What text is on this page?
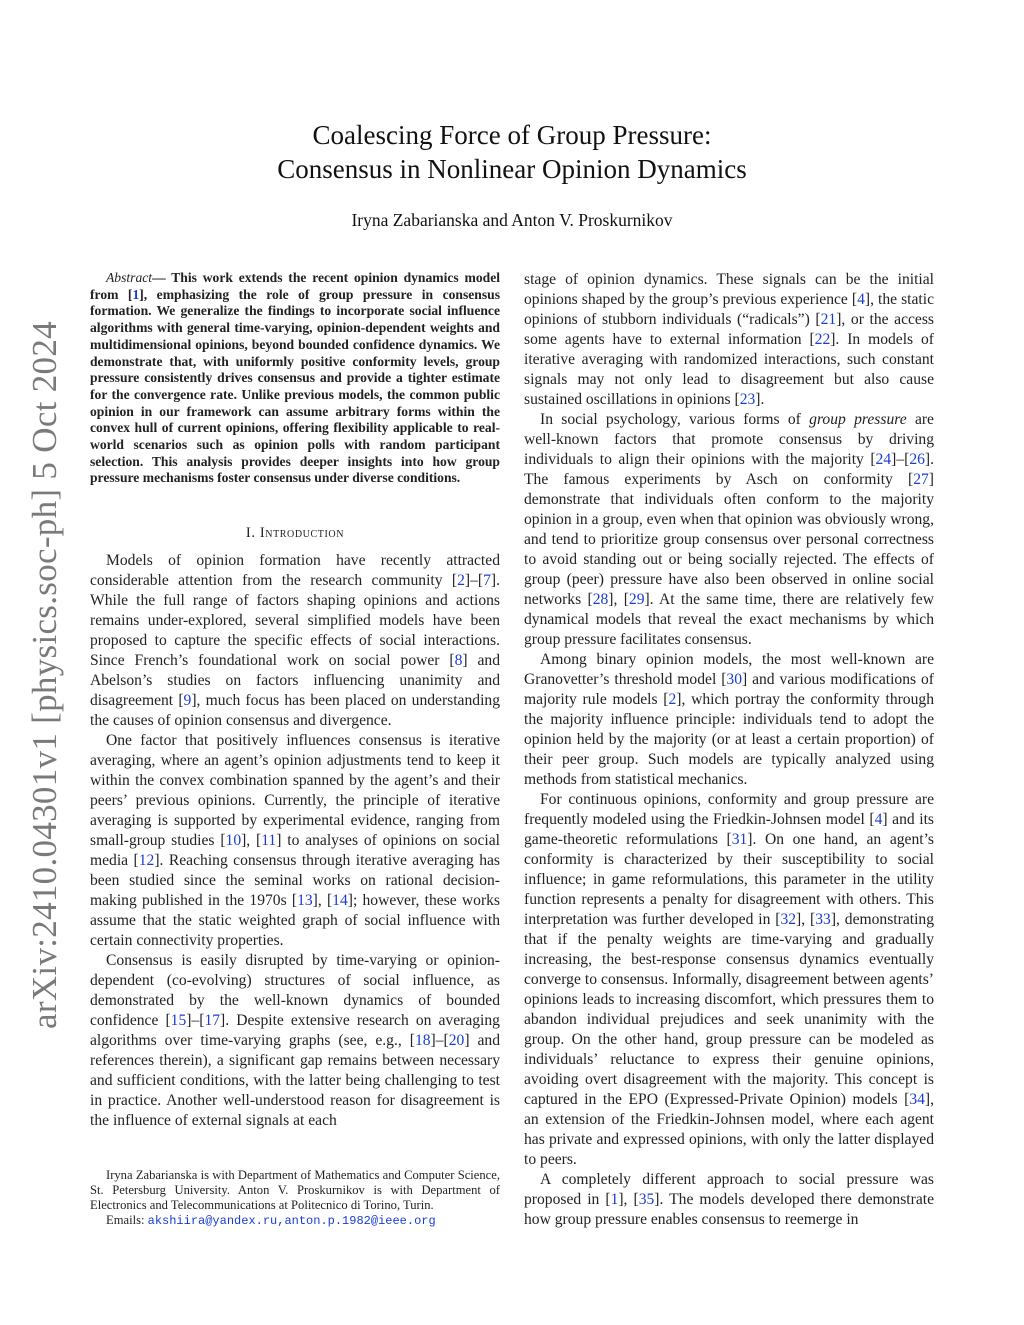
arXiv:2410.04301v1 [physics.soc-ph] 5 Oct 2024
Coalescing Force of Group Pressure:
Consensus in Nonlinear Opinion Dynamics
Iryna Zabarianska and Anton V. Proskurnikov

Abstract— This work extends the recent opinion dynamics model from [1], emphasizing the role of group pressure in consensus formation. We generalize the findings to incorporate social influence algorithms with general time-varying, opinion-dependent weights and multidimensional opinions, beyond bounded confidence dynamics. We demonstrate that, with uniformly positive conformity levels, group pressure consistently drives consensus and provide a tighter estimate for the convergence rate. Unlike previous models, the common public opinion in our framework can assume arbitrary forms within the convex hull of current opinions, offering flexibility applicable to real-world scenarios such as opinion polls with random participant selection. This analysis provides deeper insights into how group pressure mechanisms foster consensus under diverse conditions.

I. Introduction

Models of opinion formation have recently attracted considerable attention from the research community [2]–[7]. While the full range of factors shaping opinions and actions remains under-explored, several simplified models have been proposed to capture the specific effects of social interactions. Since French’s foundational work on social power [8] and Abelson’s studies on factors influencing unanimity and disagreement [9], much focus has been placed on understanding the causes of opinion consensus and divergence.

One factor that positively influences consensus is iterative averaging, where an agent’s opinion adjustments tend to keep it within the convex combination spanned by the agent’s and their peers’ previous opinions. Currently, the principle of iterative averaging is supported by experimental evidence, ranging from small-group studies [10], [11] to analyses of opinions on social media [12]. Reaching consensus through iterative averaging has been studied since the seminal works on rational decision-making published in the 1970s [13], [14]; however, these works assume that the static weighted graph of social influence with certain connectivity properties.

Consensus is easily disrupted by time-varying or opinion-dependent (co-evolving) structures of social influence, as demonstrated by the well-known dynamics of bounded confidence [15]–[17]. Despite extensive research on averaging algorithms over time-varying graphs (see, e.g., [18]–[20] and references therein), a significant gap remains between necessary and sufficient conditions, with the latter being challenging to test in practice. Another well-understood reason for disagreement is the influence of external signals at each

Iryna Zabarianska is with Department of Mathematics and Computer Science, St. Petersburg University. Anton V. Proskurnikov is with Department of Electronics and Telecommunications at Politecnico di Torino, Turin.

Emails: akshiira@yandex.ru,anton.p.1982@ieee.org

stage of opinion dynamics. These signals can be the initial opinions shaped by the group’s previous experience [4], the static opinions of stubborn individuals (“radicals”) [21], or the access some agents have to external information [22]. In models of iterative averaging with randomized interactions, such constant signals may not only lead to disagreement but also cause sustained oscillations in opinions [23].

In social psychology, various forms of group pressure are well-known factors that promote consensus by driving individuals to align their opinions with the majority [24]–[26]. The famous experiments by Asch on conformity [27] demonstrate that individuals often conform to the majority opinion in a group, even when that opinion was obviously wrong, and tend to prioritize group consensus over personal correctness to avoid standing out or being socially rejected. The effects of group (peer) pressure have also been observed in online social networks [28], [29]. At the same time, there are relatively few dynamical models that reveal the exact mechanisms by which group pressure facilitates consensus.

Among binary opinion models, the most well-known are Granovetter’s threshold model [30] and various modifications of majority rule models [2], which portray the conformity through the majority influence principle: individuals tend to adopt the opinion held by the majority (or at least a certain proportion) of their peer group. Such models are typically analyzed using methods from statistical mechanics.

For continuous opinions, conformity and group pressure are frequently modeled using the Friedkin-Johnsen model [4] and its game-theoretic reformulations [31]. On one hand, an agent’s conformity is characterized by their susceptibility to social influence; in game reformulations, this parameter in the utility function represents a penalty for disagreement with others. This interpretation was further developed in [32], [33], demonstrating that if the penalty weights are time-varying and gradually increasing, the best-response consensus dynamics eventually converge to consensus. Informally, disagreement between agents’ opinions leads to increasing discomfort, which pressures them to abandon individual prejudices and seek unanimity with the group. On the other hand, group pressure can be modeled as individuals’ reluctance to express their genuine opinions, avoiding overt disagreement with the majority. This concept is captured in the EPO (Expressed-Private Opinion) models [34], an extension of the Friedkin-Johnsen model, where each agent has private and expressed opinions, with only the latter displayed to peers.

A completely different approach to social pressure was proposed in [1], [35]. The models developed there demonstrate how group pressure enables consensus to reemerge in
